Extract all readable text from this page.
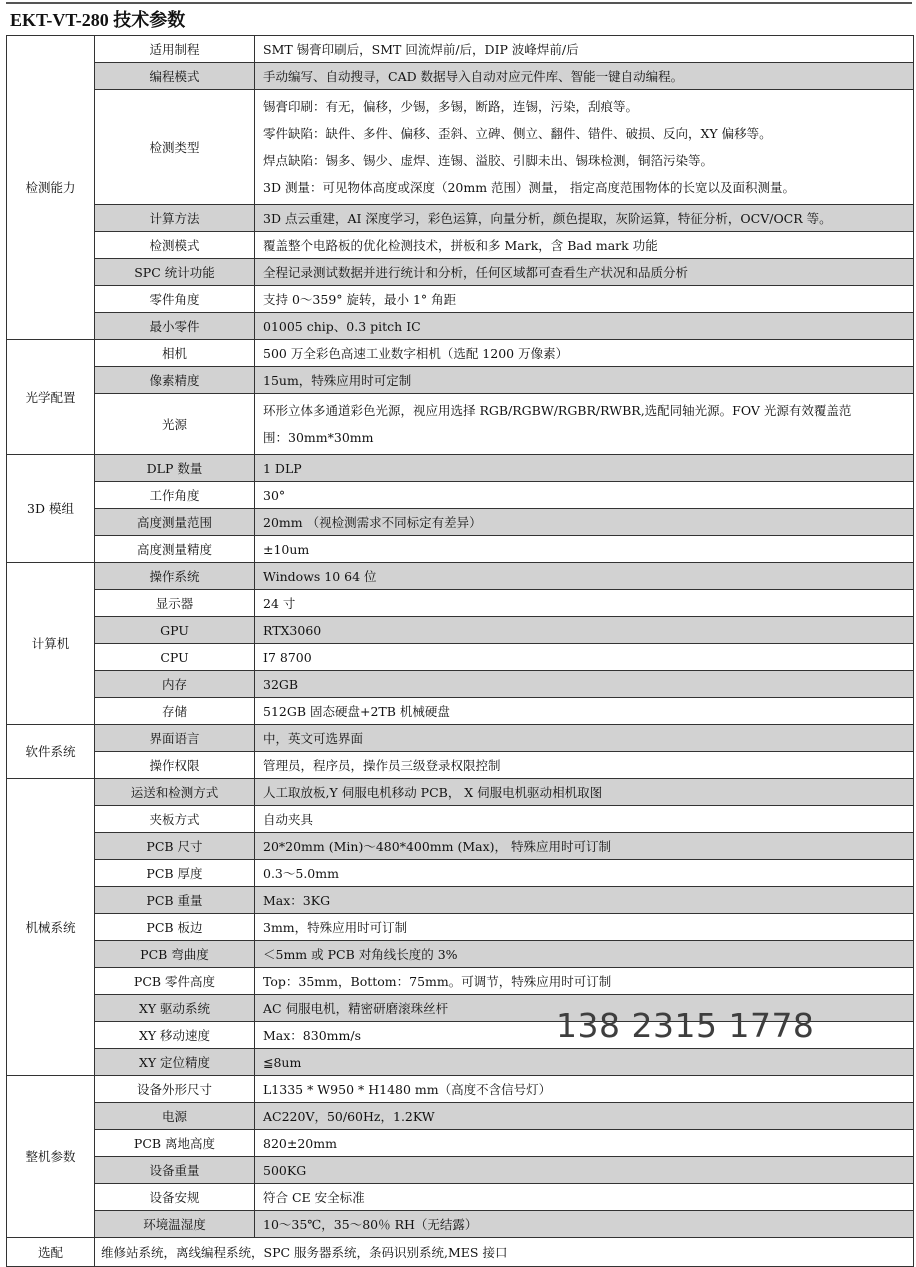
EKT-VT-280 技术参数
检测能力	适用制程	SMT 锡膏印刷后，SMT 回流焊前/后，DIP 波峰焊前/后
	编程模式	手动编写、自动搜寻，CAD 数据导入自动对应元件库、智能一键自动编程。
	检测类型	锡膏印刷：有无，偏移，少锡，多锡，断路，连锡，污染，刮痕等。
零件缺陷：缺件、多件、偏移、歪斜、立碑、侧立、翻件、错件、破损、反向，XY 偏移等。
焊点缺陷：锡多、锡少、虚焊、连锡、溢胶、引脚未出、锡珠检测，铜箔污染等。
3D 测量：可见物体高度或深度（20mm 范围）测量， 指定高度范围物体的长宽以及面积测量。

	计算方法	3D 点云重建，AI 深度学习，彩色运算，向量分析，颜色提取，灰阶运算，特征分析，OCV/OCR 等。
	检测模式	覆盖整个电路板的优化检测技术，拼板和多 Mark，含 Bad mark 功能
	SPC 统计功能	全程记录测试数据并进行统计和分析，任何区域都可查看生产状况和品质分析
	零件角度	支持 0～359° 旋转，最小 1° 角距
	最小零件	01005 chip、0.3 pitch IC
光学配置	相机	500 万全彩色高速工业数字相机（选配 1200 万像素）
	像素精度	15um，特殊应用时可定制
	光源	环形立体多通道彩色光源，视应用选择 RGB/RGBW/RGBR/RWBR,选配同轴光源。FOV 光源有效覆盖范
围：30mm*30mm

3D 模组	DLP 数量	1 DLP
	工作角度	30°
	高度测量范围	20mm （视检测需求不同标定有差异）
	高度测量精度	±10um
计算机	操作系统	Windows 10 64 位
	显示器	24 寸
	GPU	RTX3060
	CPU	I7 8700
	内存	32GB
	存储	512GB 固态硬盘+2TB 机械硬盘
软件系统	界面语言	中，英文可选界面
	操作权限	管理员，程序员，操作员三级登录权限控制
机械系统	运送和检测方式	人工取放板,Y 伺服电机移动 PCB， X 伺服电机驱动相机取图
	夹板方式	自动夹具
	PCB 尺寸	20*20mm (Min)～480*400mm (Max)， 特殊应用时可订制
	PCB 厚度	0.3～5.0mm
	PCB 重量	Max：3KG
	PCB 板边	3mm，特殊应用时可订制
	PCB 弯曲度	＜5mm 或 PCB 对角线长度的 3%
	PCB 零件高度	Top：35mm，Bottom：75mm。可调节，特殊应用时可订制
	XY 驱动系统	AC 伺服电机，精密研磨滚珠丝杆
	XY 移动速度	Max：830mm/s
	XY 定位精度	≦8um
整机参数	设备外形尺寸	L1335 * W950 * H1480 mm（高度不含信号灯）
	电源	AC220V，50/60Hz，1.2KW
	PCB 离地高度	820±20mm
	设备重量	500KG
	设备安规	符合 CE 安全标准
	环境温湿度	10～35℃，35～80％ RH（无结露）
选配	维修站系统，离线编程系统，SPC 服务器系统，条码识别系统,MES 接口	
138 2315 1778
